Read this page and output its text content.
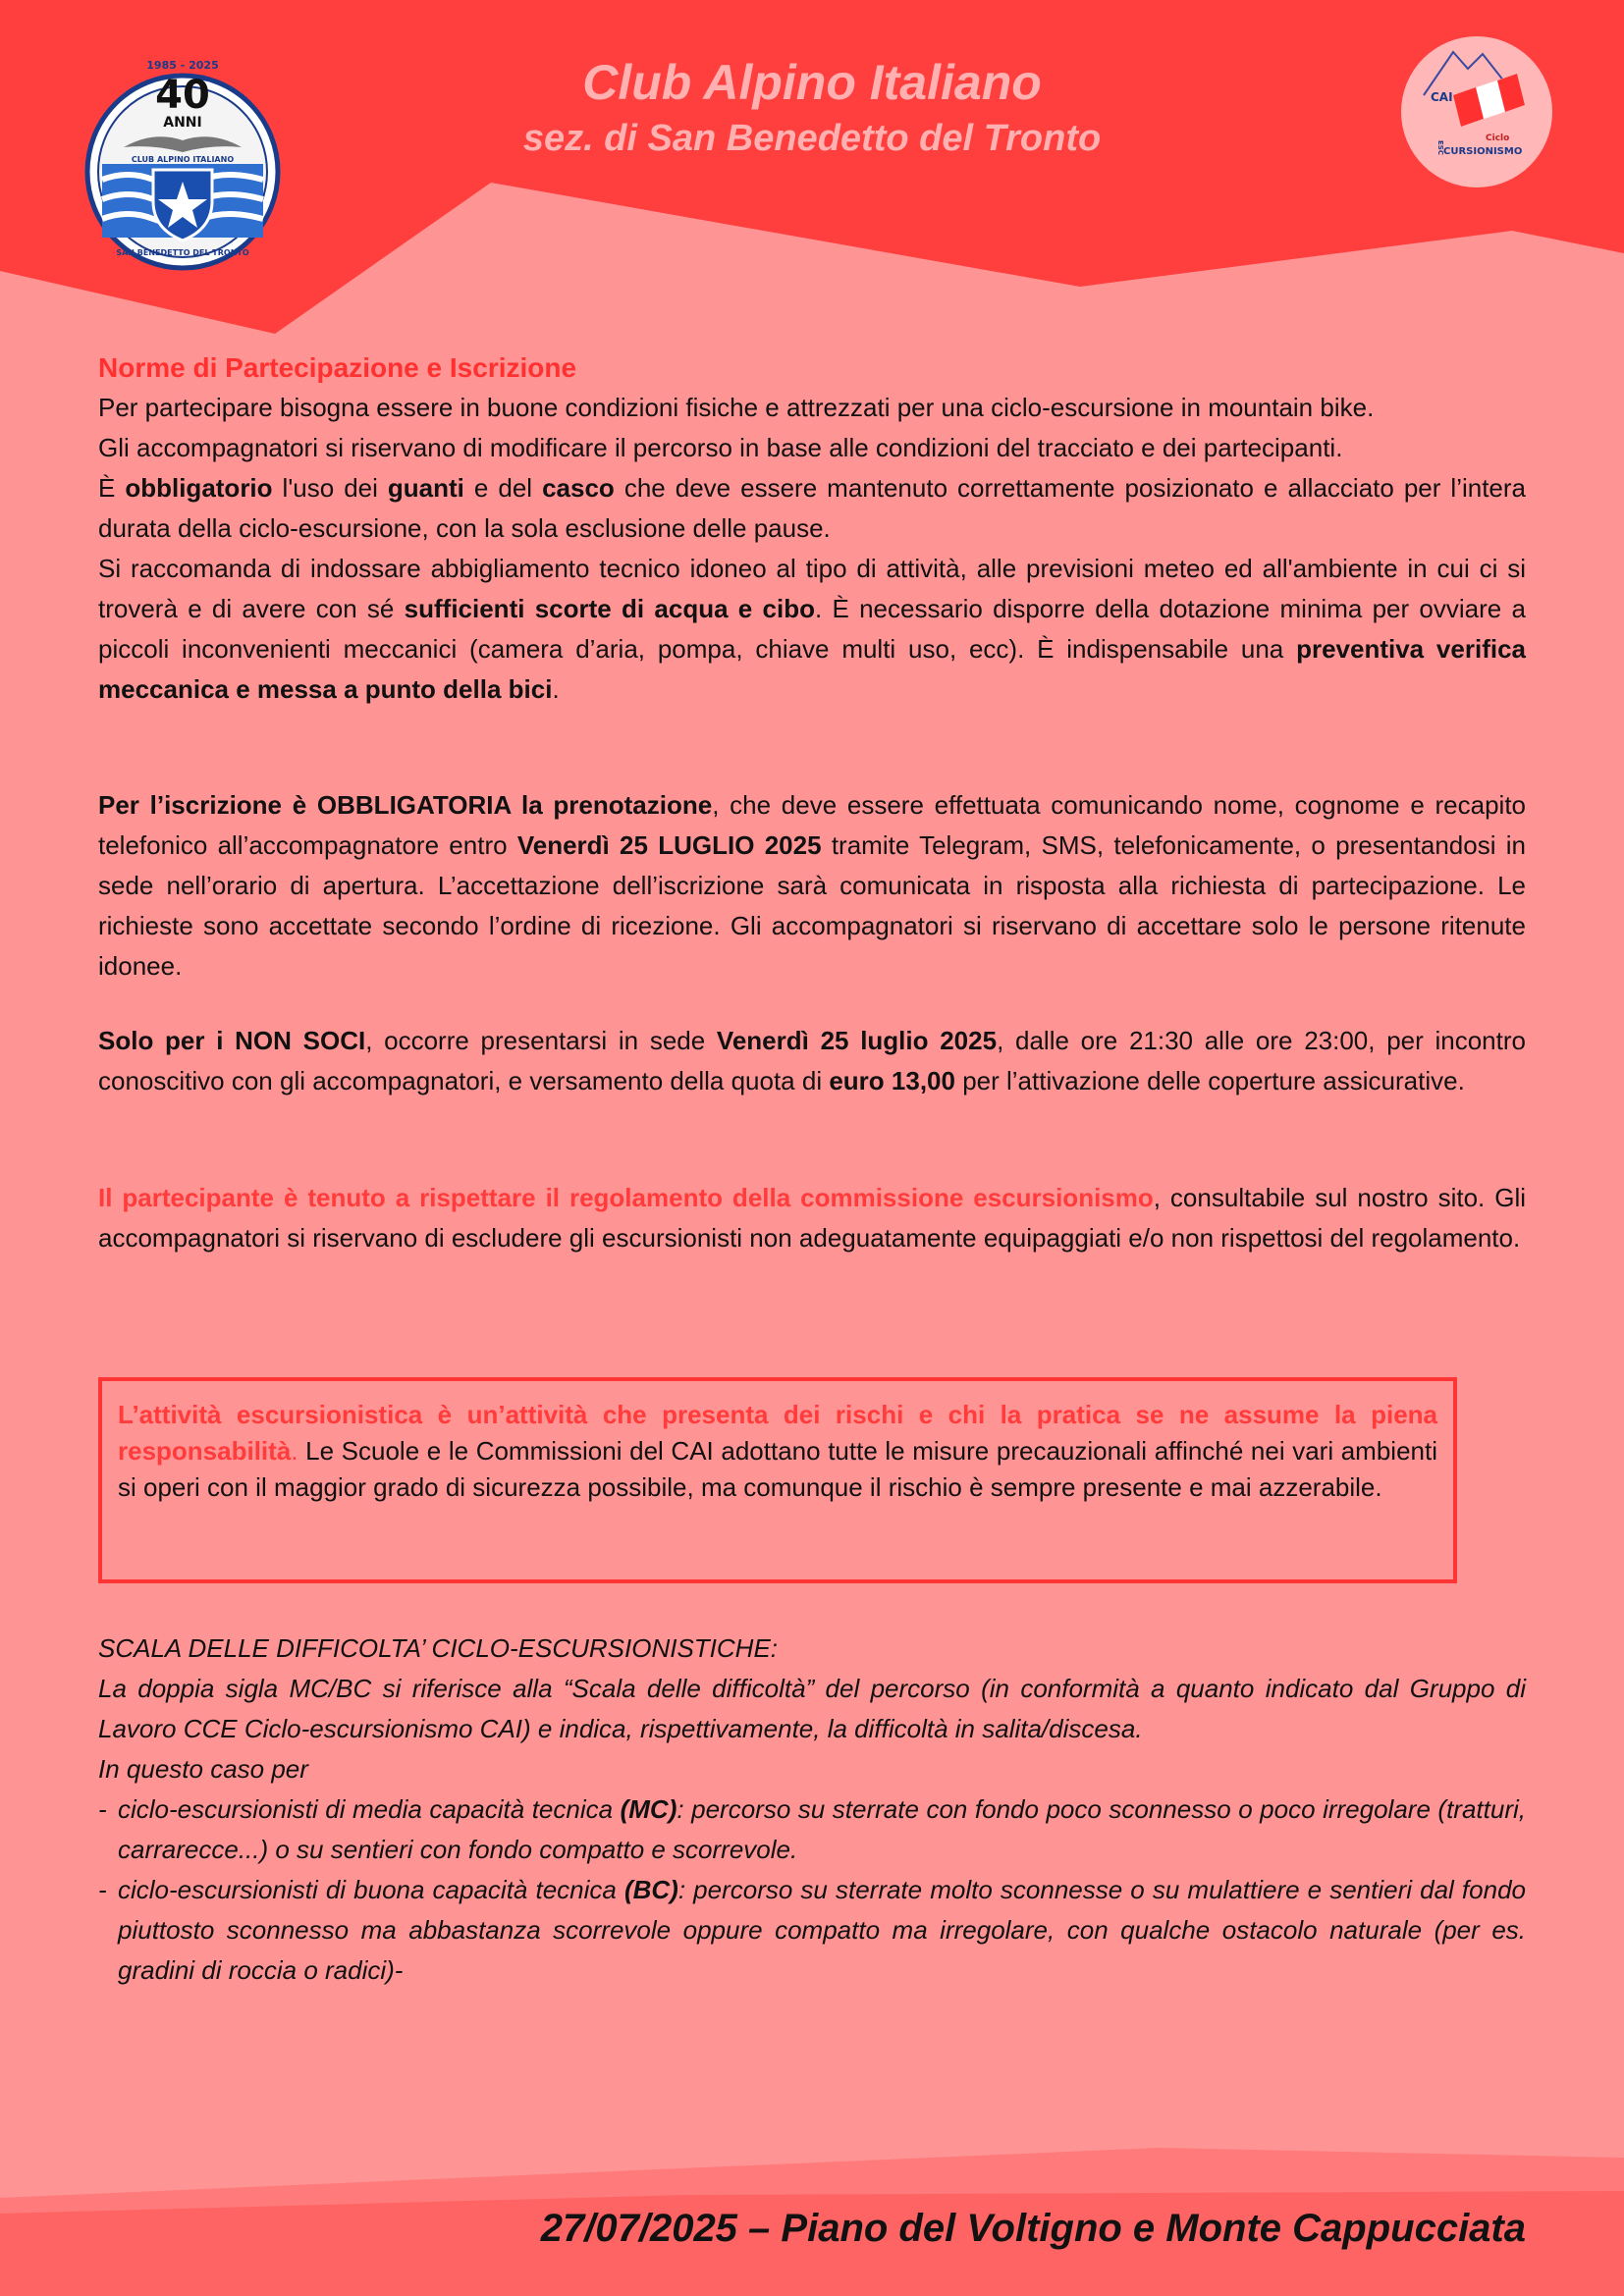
1985 - 2025
40
ANNI
CLUB ALPINO ITALIANO
SAN BENEDETTO DEL TRONTO
CAI
ESC
Ciclo
CURSIONISMO
Club Alpino Italiano
sez. di San Benedetto del Tronto
Norme di Partecipazione e Iscrizione

Per partecipare bisogna essere in buone condizioni fisiche e attrezzati per una ciclo-escursione in mountain bike.

Gli accompagnatori si riservano di modificare il percorso in base alle condizioni del tracciato e dei partecipanti.

È obbligatorio l'uso dei guanti e del casco che deve essere mantenuto correttamente posizionato e allacciato per l’intera durata della ciclo-escursione, con la sola esclusione delle pause.

Si raccomanda di indossare abbigliamento tecnico idoneo al tipo di attività, alle previsioni meteo ed all'ambiente in cui ci si troverà e di avere con sé sufficienti scorte di acqua e cibo. È necessario disporre della dotazione minima per ovviare a piccoli inconvenienti meccanici (camera d’aria, pompa, chiave multi uso, ecc). È indispensabile una preventiva verifica meccanica e messa a punto della bici.

Per l’iscrizione è OBBLIGATORIA la prenotazione, che deve essere effettuata comunicando nome, cognome e recapito telefonico all’accompagnatore entro Venerdì 25 LUGLIO 2025 tramite Telegram, SMS, telefonicamente, o presentandosi in sede nell’orario di apertura. L’accettazione dell’iscrizione sarà comunicata in risposta alla richiesta di partecipazione. Le richieste sono accettate secondo l’ordine di ricezione. Gli accompagnatori si riservano di accettare solo le persone ritenute idonee.

Solo per i NON SOCI, occorre presentarsi in sede Venerdì 25 luglio 2025, dalle ore 21:30 alle ore 23:00, per incontro conoscitivo con gli accompagnatori, e versamento della quota di euro 13,00 per l’attivazione delle coperture assicurative.

Il partecipante è tenuto a rispettare il regolamento della commissione escursionismo, consultabile sul nostro sito. Gli accompagnatori si riservano di escludere gli escursionisti non adeguatamente equipaggiati e/o non rispettosi del regolamento.

L’attività escursionistica è un’attività che presenta dei rischi e chi la pratica se ne assume la piena responsabilità. Le Scuole e le Commissioni del CAI adottano tutte le misure precauzionali affinché nei vari ambienti si operi con il maggior grado di sicurezza possibile, ma comunque il rischio è sempre presente e mai azzerabile.

SCALA DELLE DIFFICOLTA’ CICLO-ESCURSIONISTICHE:

La doppia sigla MC/BC si riferisce alla “Scala delle difficoltà” del percorso (in conformità a quanto indicato dal Gruppo di Lavoro CCE Ciclo-escursionismo CAI) e indica, rispettivamente, la difficoltà in salita/discesa.

In questo caso per

- ciclo-escursionisti di media capacità tecnica (MC): percorso su sterrate con fondo poco sconnesso o poco irregolare (tratturi, carrarecce...) o su sentieri con fondo compatto e scorrevole.
- ciclo-escursionisti di buona capacità tecnica (BC): percorso su sterrate molto sconnesse o su mulattiere e sentieri dal fondo piuttosto sconnesso ma abbastanza scorrevole oppure compatto ma irregolare, con qualche ostacolo naturale (per es. gradini di roccia o radici)-
27/07/2025 – Piano del Voltigno e Monte Cappucciata
